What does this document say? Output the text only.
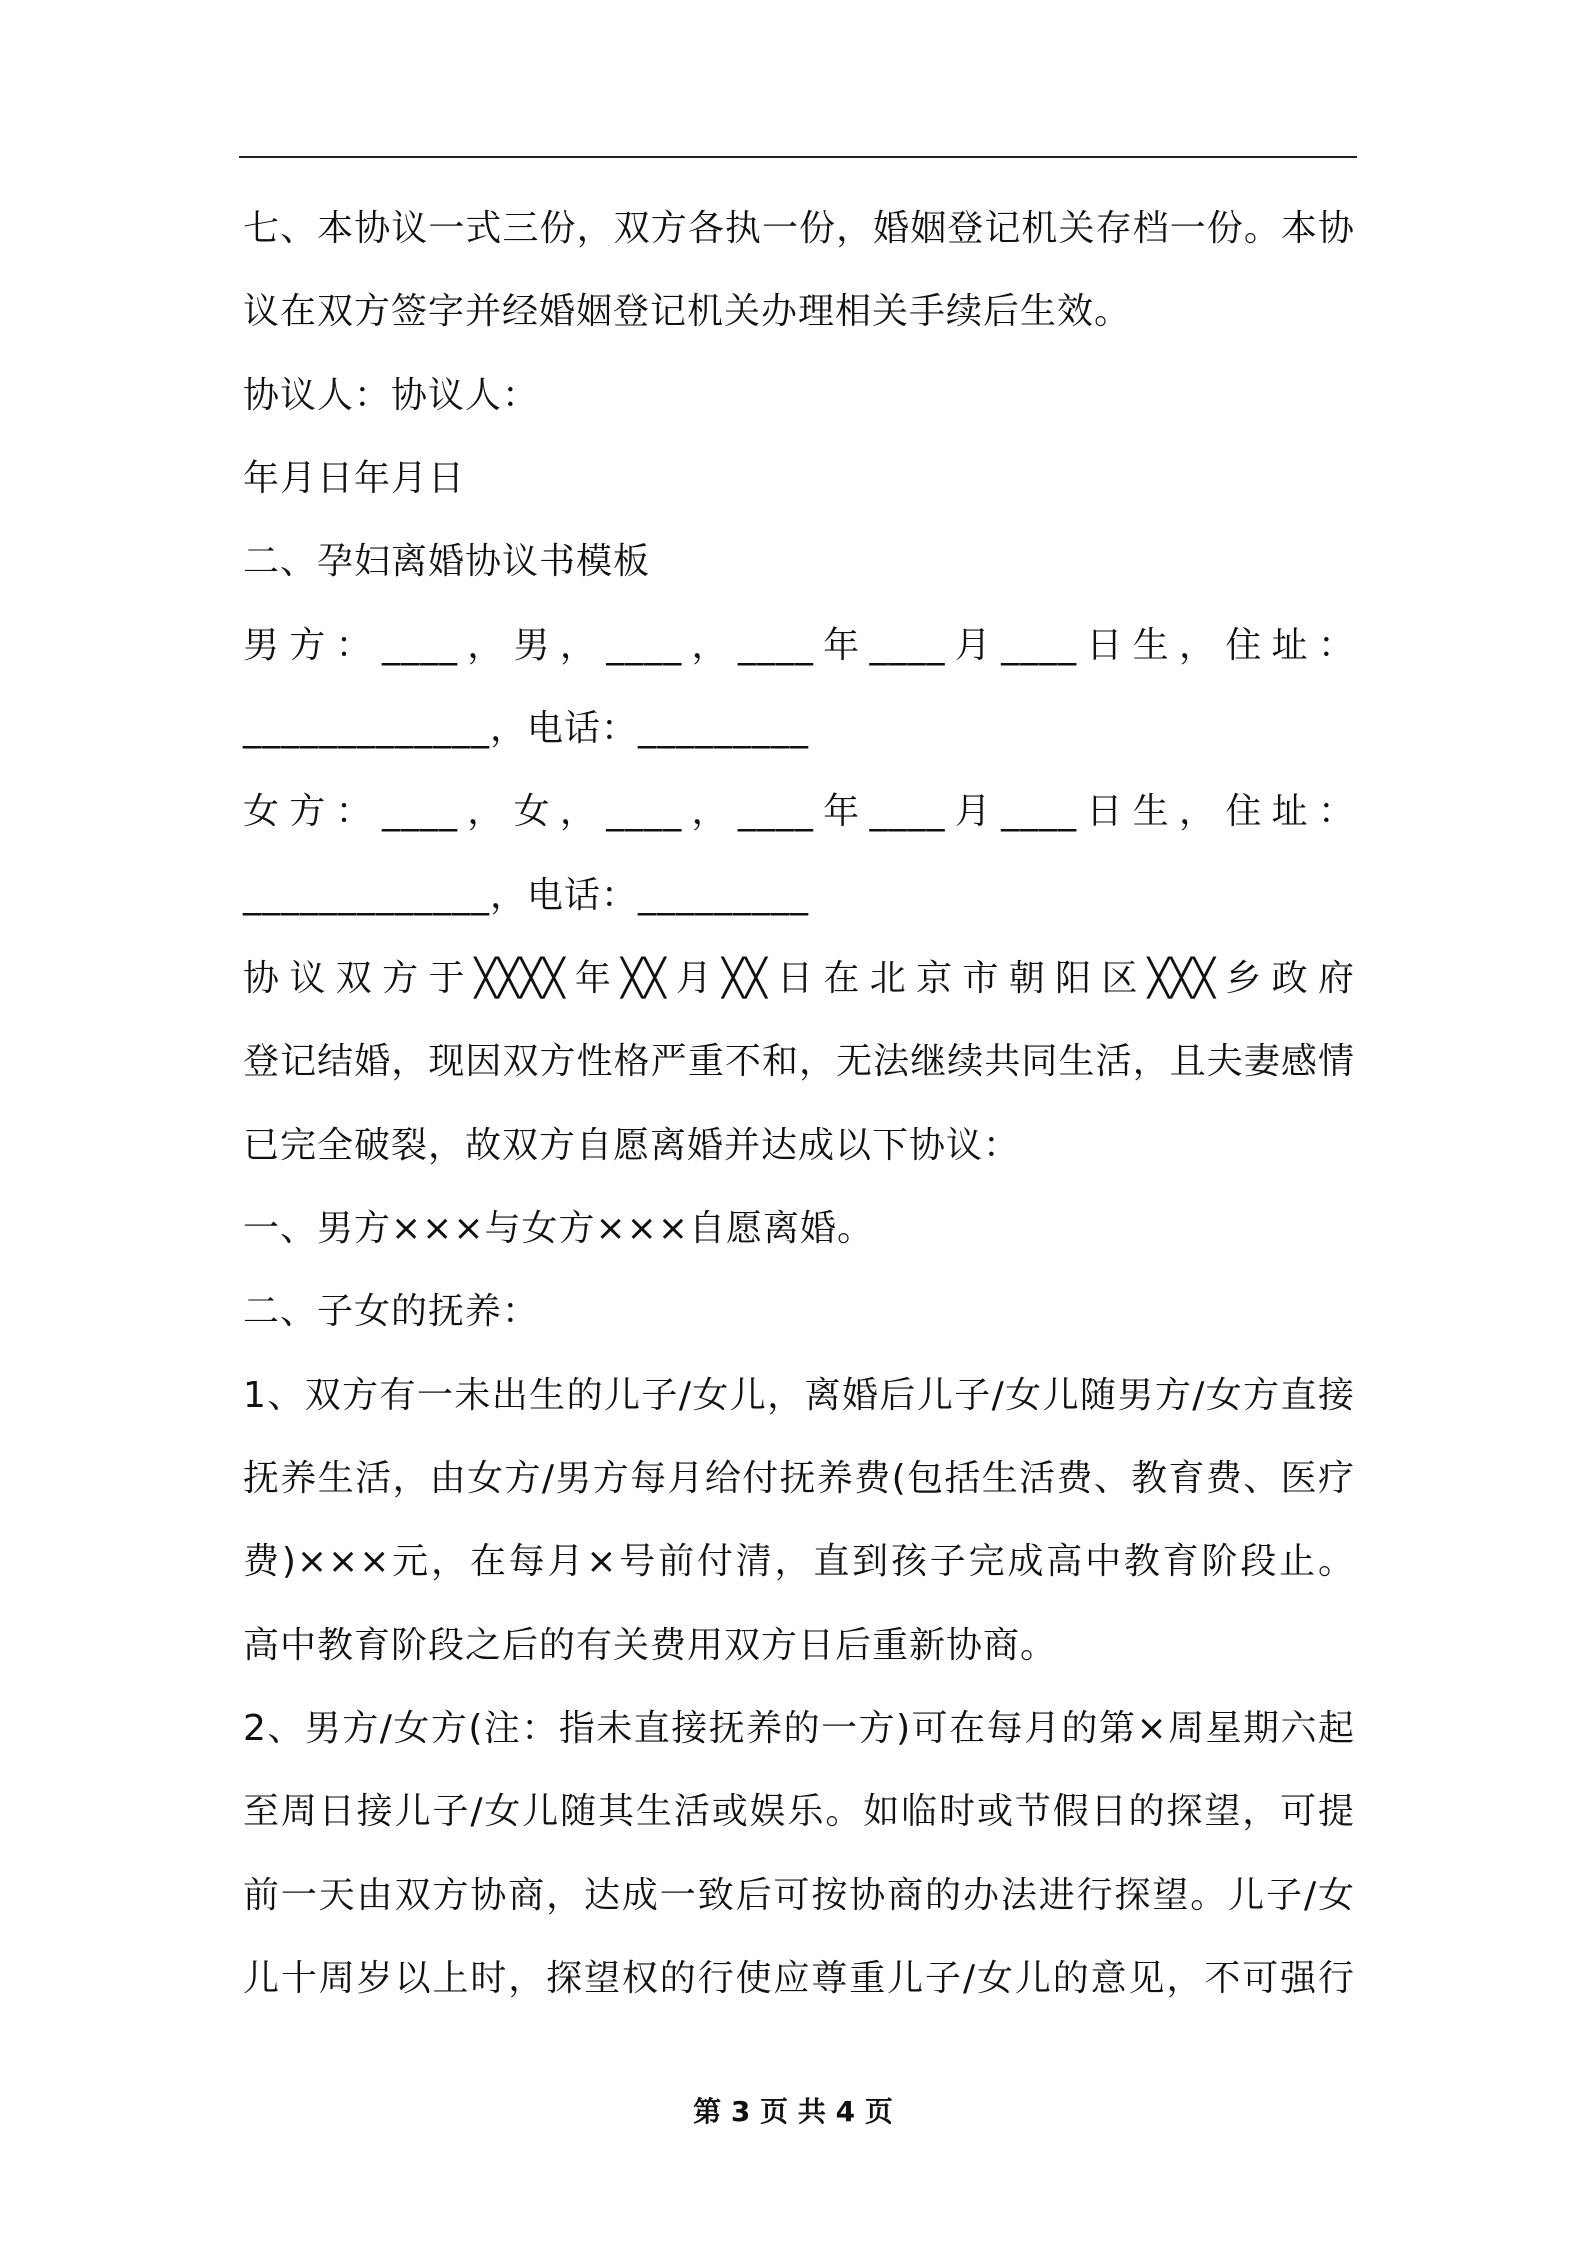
七、本协议一式三份，双方各执一份，婚姻登记机关存档一份。本协
议在双方签字并经婚姻登记机关办理相关手续后生效。
协议人：协议人：
年月日年月日
二、孕妇离婚协议书模板
男方：____，男，____，____年____月____日生，住址：
_____________，电话：_________
女方：____，女，____，____年____月____日生，住址：
_____________，电话：_________
协议双方于╳╳╳╳年╳╳月╳╳日在北京市朝阳区╳╳╳乡政府
登记结婚，现因双方性格严重不和，无法继续共同生活，且夫妻感情
已完全破裂，故双方自愿离婚并达成以下协议：
一、男方×××与女方×××自愿离婚。
二、子女的抚养：
1、双方有一未出生的儿子/女儿，离婚后儿子/女儿随男方/女方直接
抚养生活，由女方/男方每月给付抚养费(包括生活费、教育费、医疗
费)×××元，在每月×号前付清，直到孩子完成高中教育阶段止。
高中教育阶段之后的有关费用双方日后重新协商。
2、男方/女方(注：指未直接抚养的一方)可在每月的第×周星期六起
至周日接儿子/女儿随其生活或娱乐。如临时或节假日的探望，可提
前一天由双方协商，达成一致后可按协商的办法进行探望。儿子/女
儿十周岁以上时，探望权的行使应尊重儿子/女儿的意见，不可强行
第 3 页 共 4 页
